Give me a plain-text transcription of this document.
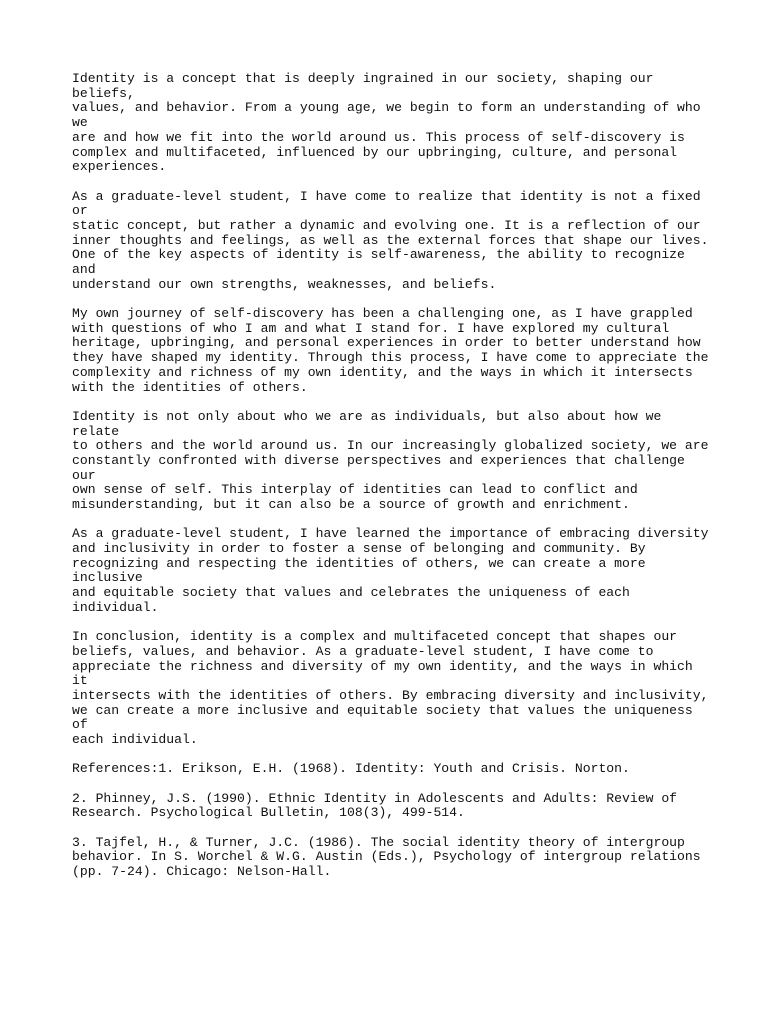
Identity is a concept that is deeply ingrained in our society, shaping our beliefs,
values, and behavior. From a young age, we begin to form an understanding of who we
are and how we fit into the world around us. This process of self-discovery is
complex and multifaceted, influenced by our upbringing, culture, and personal
experiences.

As a graduate-level student, I have come to realize that identity is not a fixed or
static concept, but rather a dynamic and evolving one. It is a reflection of our
inner thoughts and feelings, as well as the external forces that shape our lives.
One of the key aspects of identity is self-awareness, the ability to recognize and
understand our own strengths, weaknesses, and beliefs.

My own journey of self-discovery has been a challenging one, as I have grappled
with questions of who I am and what I stand for. I have explored my cultural
heritage, upbringing, and personal experiences in order to better understand how
they have shaped my identity. Through this process, I have come to appreciate the
complexity and richness of my own identity, and the ways in which it intersects
with the identities of others.

Identity is not only about who we are as individuals, but also about how we relate
to others and the world around us. In our increasingly globalized society, we are
constantly confronted with diverse perspectives and experiences that challenge our
own sense of self. This interplay of identities can lead to conflict and
misunderstanding, but it can also be a source of growth and enrichment.

As a graduate-level student, I have learned the importance of embracing diversity
and inclusivity in order to foster a sense of belonging and community. By
recognizing and respecting the identities of others, we can create a more inclusive
and equitable society that values and celebrates the uniqueness of each individual.

In conclusion, identity is a complex and multifaceted concept that shapes our
beliefs, values, and behavior. As a graduate-level student, I have come to
appreciate the richness and diversity of my own identity, and the ways in which it
intersects with the identities of others. By embracing diversity and inclusivity,
we can create a more inclusive and equitable society that values the uniqueness of
each individual.

References:1. Erikson, E.H. (1968). Identity: Youth and Crisis. Norton.

2. Phinney, J.S. (1990). Ethnic Identity in Adolescents and Adults: Review of
Research. Psychological Bulletin, 108(3), 499-514.

3. Tajfel, H., & Turner, J.C. (1986). The social identity theory of intergroup
behavior. In S. Worchel & W.G. Austin (Eds.), Psychology of intergroup relations
(pp. 7-24). Chicago: Nelson-Hall.
